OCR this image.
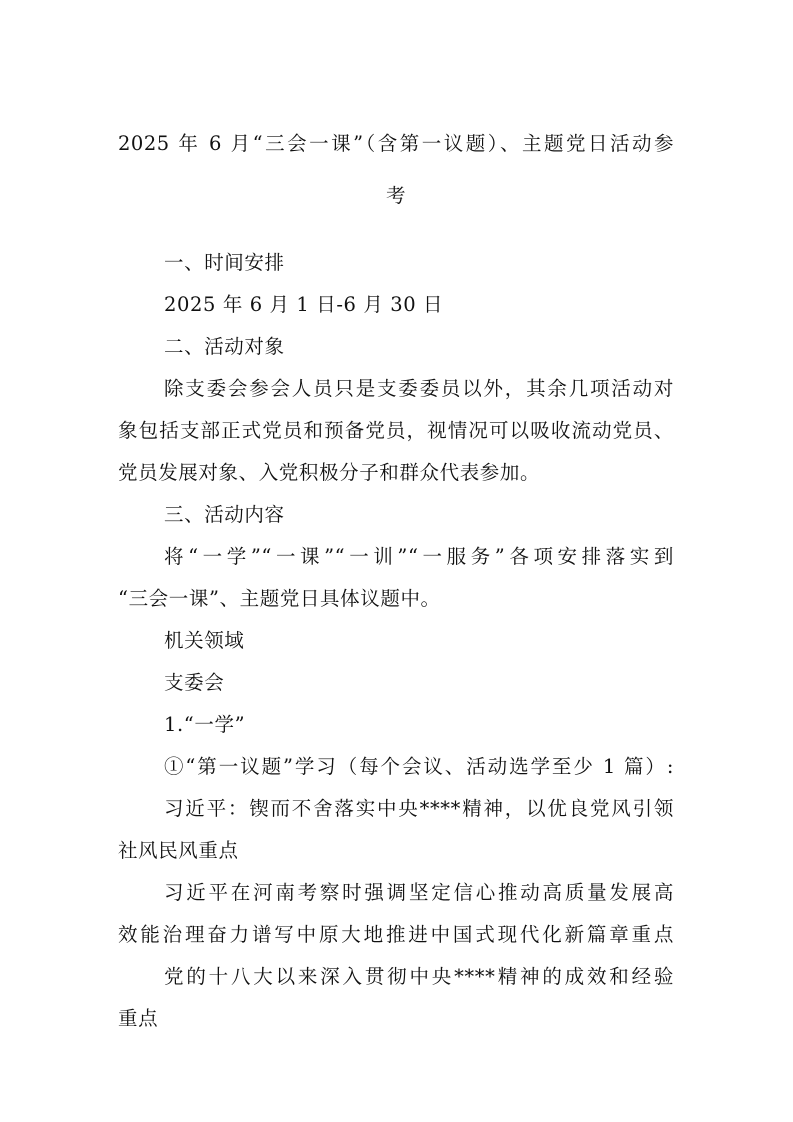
2025 年 6 月“三会一课”（含第一议题）、主题党日活动参
考
一、时间安排
2025 年 6 月 1 日-6 月 30 日
二、活动对象
除支委会参会人员只是支委委员以外，其余几项活动对
象包括支部正式党员和预备党员，视情况可以吸收流动党员、
党员发展对象、入党积极分子和群众代表参加。
三、活动内容
将“一学”“一课”“一训”“一服务”各项安排落实到
“三会一课”、主题党日具体议题中。
机关领域
支委会
1.“一学”
①“第一议题”学习（每个会议、活动选学至少 1 篇）:
习近平：锲而不舍落实中央****精神，以优良党风引领
社风民风重点
习近平在河南考察时强调坚定信心推动高质量发展高
效能治理奋力谱写中原大地推进中国式现代化新篇章重点
党的十八大以来深入贯彻中央****精神的成效和经验
重点
